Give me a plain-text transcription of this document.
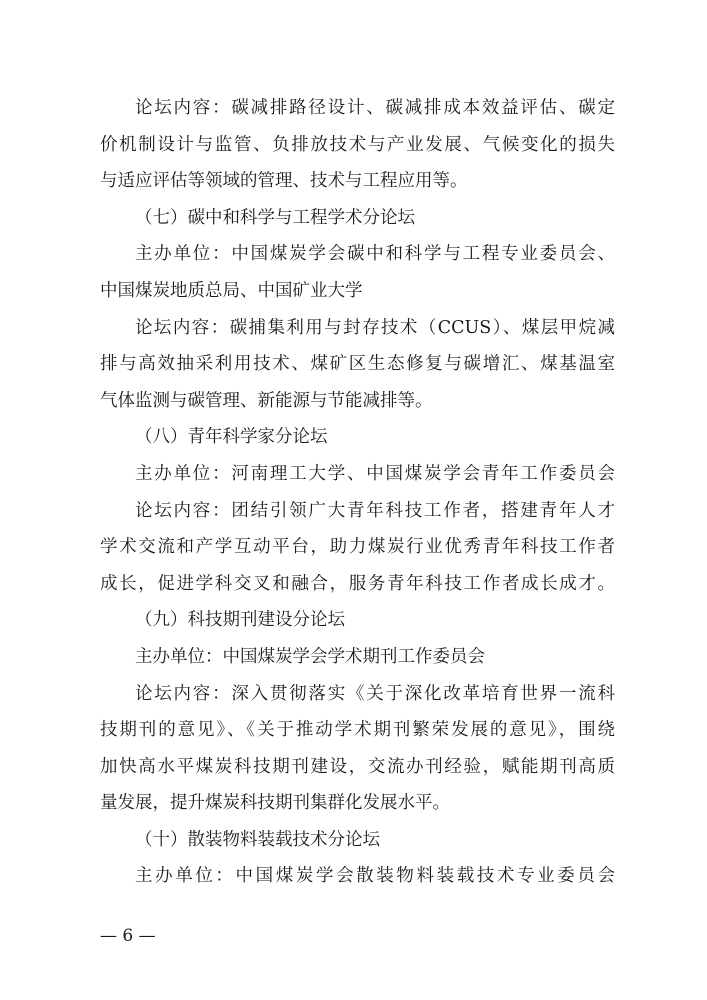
论坛内容：碳减排路径设计、碳减排成本效益评估、碳定
价机制设计与监管、负排放技术与产业发展、气候变化的损失
与适应评估等领域的管理、技术与工程应用等。
（七）碳中和科学与工程学术分论坛
主办单位：中国煤炭学会碳中和科学与工程专业委员会、
中国煤炭地质总局、中国矿业大学
论坛内容：碳捕集利用与封存技术（CCUS）、煤层甲烷减
排与高效抽采利用技术、煤矿区生态修复与碳增汇、煤基温室
气体监测与碳管理、新能源与节能减排等。
（八）青年科学家分论坛
主办单位：河南理工大学、中国煤炭学会青年工作委员会
论坛内容：团结引领广大青年科技工作者，搭建青年人才
学术交流和产学互动平台，助力煤炭行业优秀青年科技工作者
成长，促进学科交叉和融合，服务青年科技工作者成长成才。
（九）科技期刊建设分论坛
主办单位：中国煤炭学会学术期刊工作委员会
论坛内容：深入贯彻落实《关于深化改革培育世界一流科
技期刊的意见》、《关于推动学术期刊繁荣发展的意见》，围绕
加快高水平煤炭科技期刊建设，交流办刊经验，赋能期刊高质
量发展，提升煤炭科技期刊集群化发展水平。
（十）散装物料装载技术分论坛
主办单位：中国煤炭学会散装物料装载技术专业委员会
— 6 —
